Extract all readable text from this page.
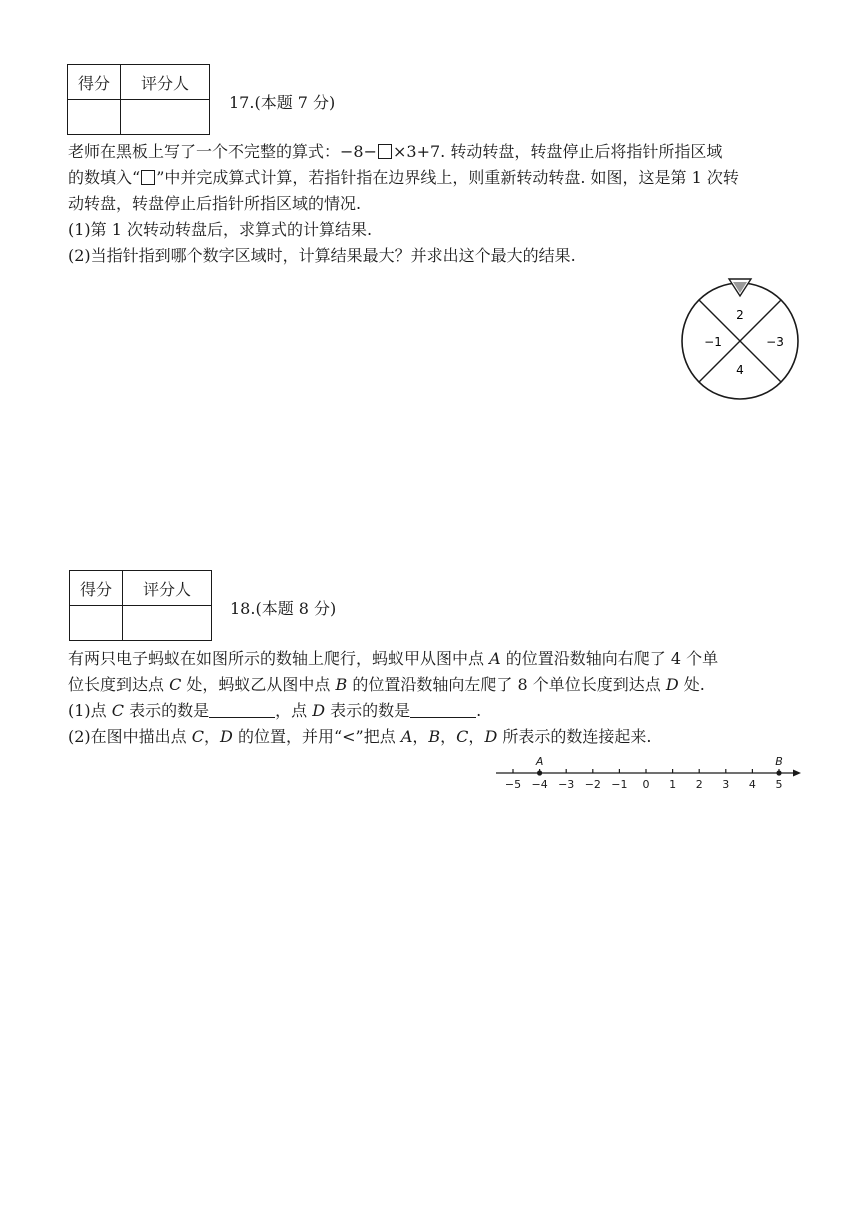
得分	评分人

17.(本题 7 分)

老师在黑板上写了一个不完整的算式：−8− ×3+7. 转动转盘，转盘停止后将指针所指区域

的数填入“ ”中并完成算式计算，若指针指在边界线上，则重新转动转盘. 如图，这是第 1 次转

动转盘，转盘停止后指针所指区域的情况.

(1)第 1 次转动转盘后，求算式的计算结果.

(2)当指针指到哪个数字区域时，计算结果最大？并求出这个最大的结果.

2
−1	−3
4
得分	评分人

18.(本题 8 分)

有两只电子蚂蚁在如图所示的数轴上爬行，蚂蚁甲从图中点 A 的位置沿数轴向右爬了 4 个单

位长度到达点 C 处，蚂蚁乙从图中点 B 的位置沿数轴向左爬了 8 个单位长度到达点 D 处.

(1)点 C 表示的数是	，点 D 表示的数是	.

(2)在图中描出点 C，D 的位置，并用“<”把点 A，B，C，D 所表示的数连接起来.

−5 −4 −3 −2 −1 0 1 2 3 4 5
A	B
